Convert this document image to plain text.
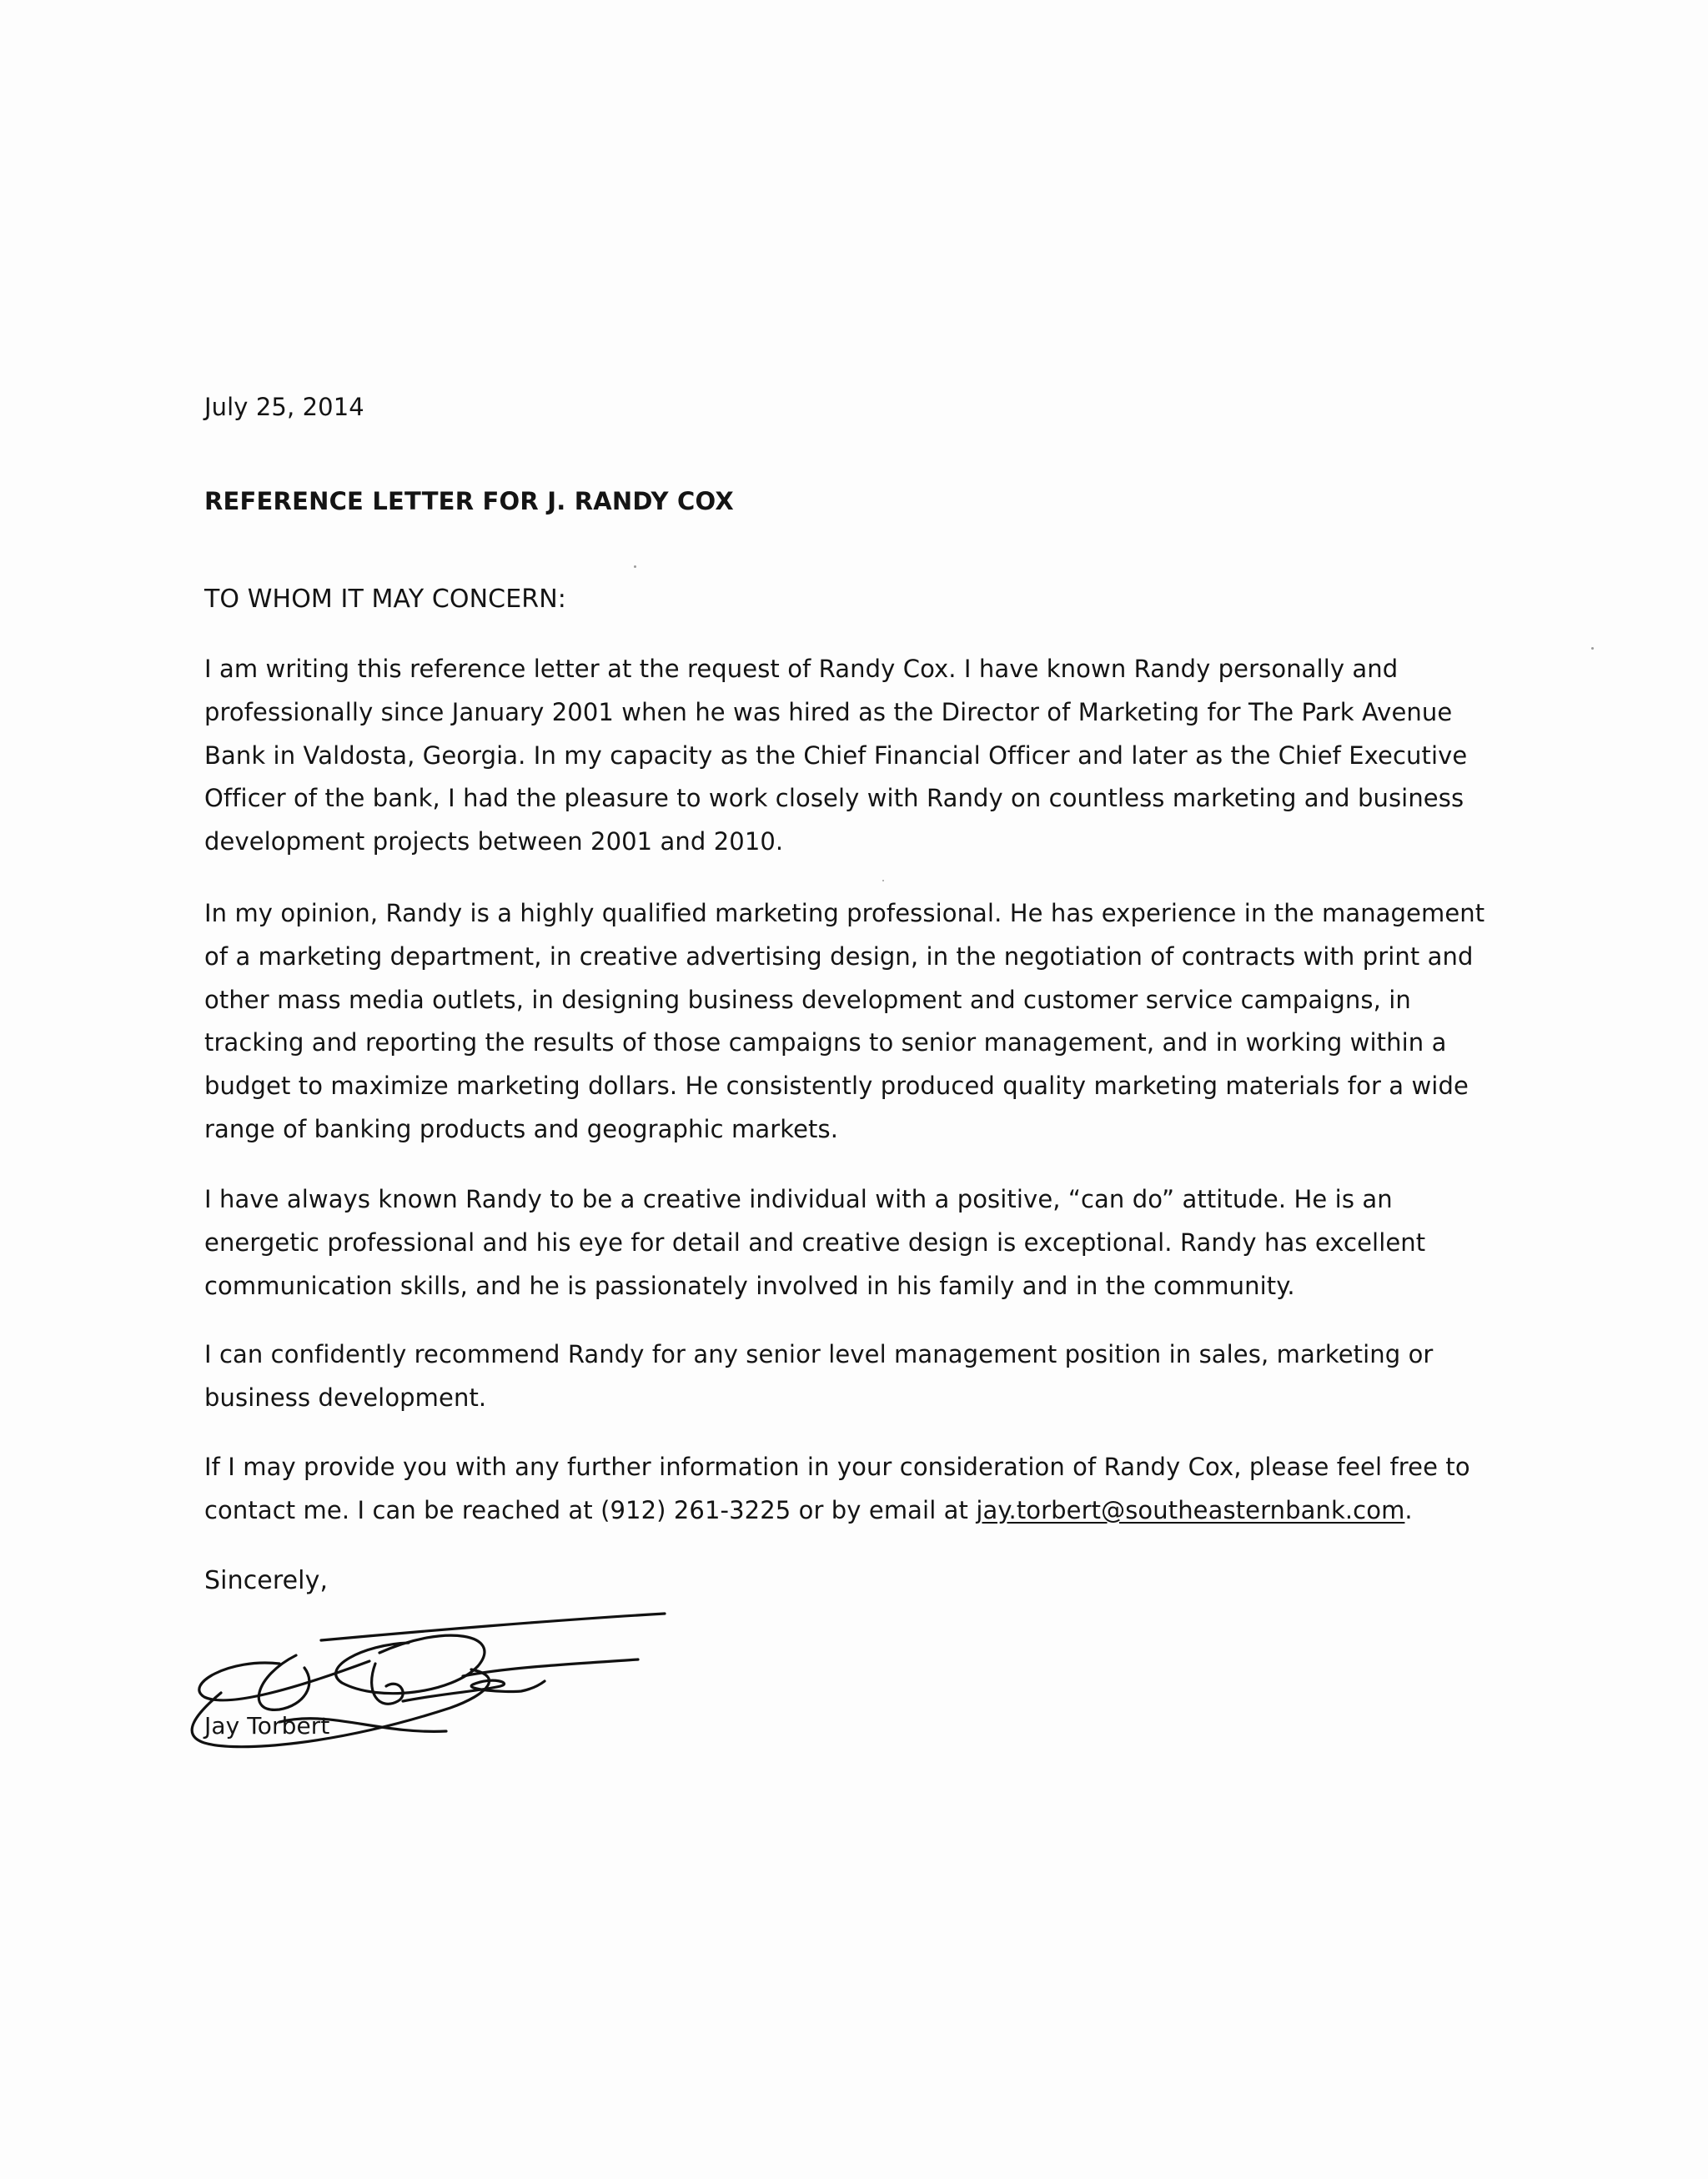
July 25, 2014
REFERENCE LETTER FOR J. RANDY COX
TO WHOM IT MAY CONCERN:
I am writing this reference letter at the request of Randy Cox. I have known Randy personally and
professionally since January 2001 when he was hired as the Director of Marketing for The Park Avenue
Bank in Valdosta, Georgia. In my capacity as the Chief Financial Officer and later as the Chief Executive
Officer of the bank, I had the pleasure to work closely with Randy on countless marketing and business
development projects between 2001 and 2010.
In my opinion, Randy is a highly qualified marketing professional. He has experience in the management
of a marketing department, in creative advertising design, in the negotiation of contracts with print and
other mass media outlets, in designing business development and customer service campaigns, in
tracking and reporting the results of those campaigns to senior management, and in working within a
budget to maximize marketing dollars. He consistently produced quality marketing materials for a wide
range of banking products and geographic markets.
I have always known Randy to be a creative individual with a positive, “can do” attitude. He is an
energetic professional and his eye for detail and creative design is exceptional. Randy has excellent
communication skills, and he is passionately involved in his family and in the community.
I can confidently recommend Randy for any senior level management position in sales, marketing or
business development.
If I may provide you with any further information in your consideration of Randy Cox, please feel free to
contact me. I can be reached at (912) 261-3225 or by email at jay.torbert@southeasternbank.com.
Sincerely,
Jay Torbert
